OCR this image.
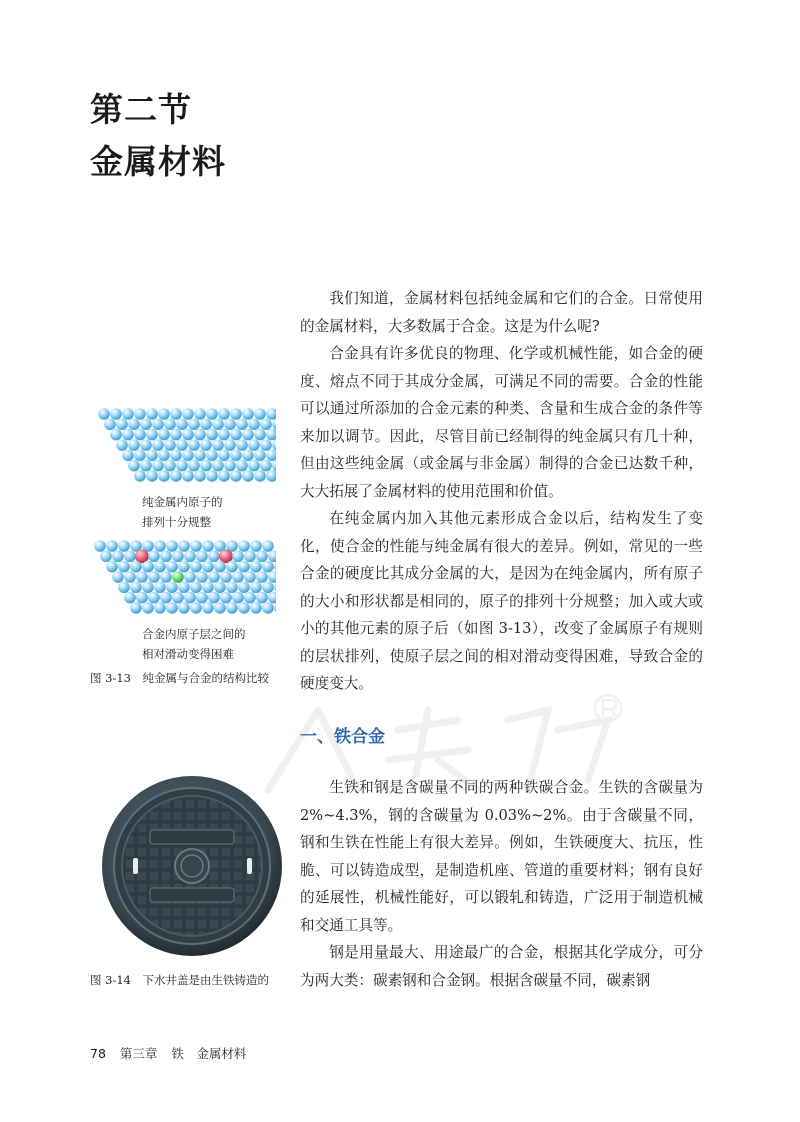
第二节
金属材料
纯金属内原子的
排列十分规整
合金内原子层之间的
相对滑动变得困难
图 3-13　纯金属与合金的结构比较

我们知道，金属材料包括纯金属和它们的合金。日常使用的金属材料，大多数属于合金。这是为什么呢?

合金具有许多优良的物理、化学或机械性能，如合金的硬度、熔点不同于其成分金属，可满足不同的需要。合金的性能可以通过所添加的合金元素的种类、含量和生成合金的条件等来加以调节。因此，尽管目前已经制得的纯金属只有几十种，但由这些纯金属（或金属与非金属）制得的合金已达数千种，大大拓展了金属材料的使用范围和价值。

在纯金属内加入其他元素形成合金以后，结构发生了变化，使合金的性能与纯金属有很大的差异。例如，常见的一些合金的硬度比其成分金属的大，是因为在纯金属内，所有原子的大小和形状都是相同的，原子的排列十分规整；加入或大或小的其他元素的原子后（如图 3-13），改变了金属原子有规则的层状排列，使原子层之间的相对滑动变得困难，导致合金的硬度变大。

一、铁合金
图 3-14　下水井盖是由生铁铸造的

生铁和钢是含碳量不同的两种铁碳合金。生铁的含碳量为 2%~4.3%，钢的含碳量为 0.03%~2%。由于含碳量不同，钢和生铁在性能上有很大差异。例如，生铁硬度大、抗压，性脆、可以铸造成型，是制造机座、管道的重要材料；钢有良好的延展性，机械性能好，可以锻轧和铸造，广泛用于制造机械和交通工具等。

钢是用量最大、用途最广的合金，根据其化学成分，可分为两大类：碳素钢和合金钢。根据含碳量不同，碳素钢

78 第三章 铁　金属材料
